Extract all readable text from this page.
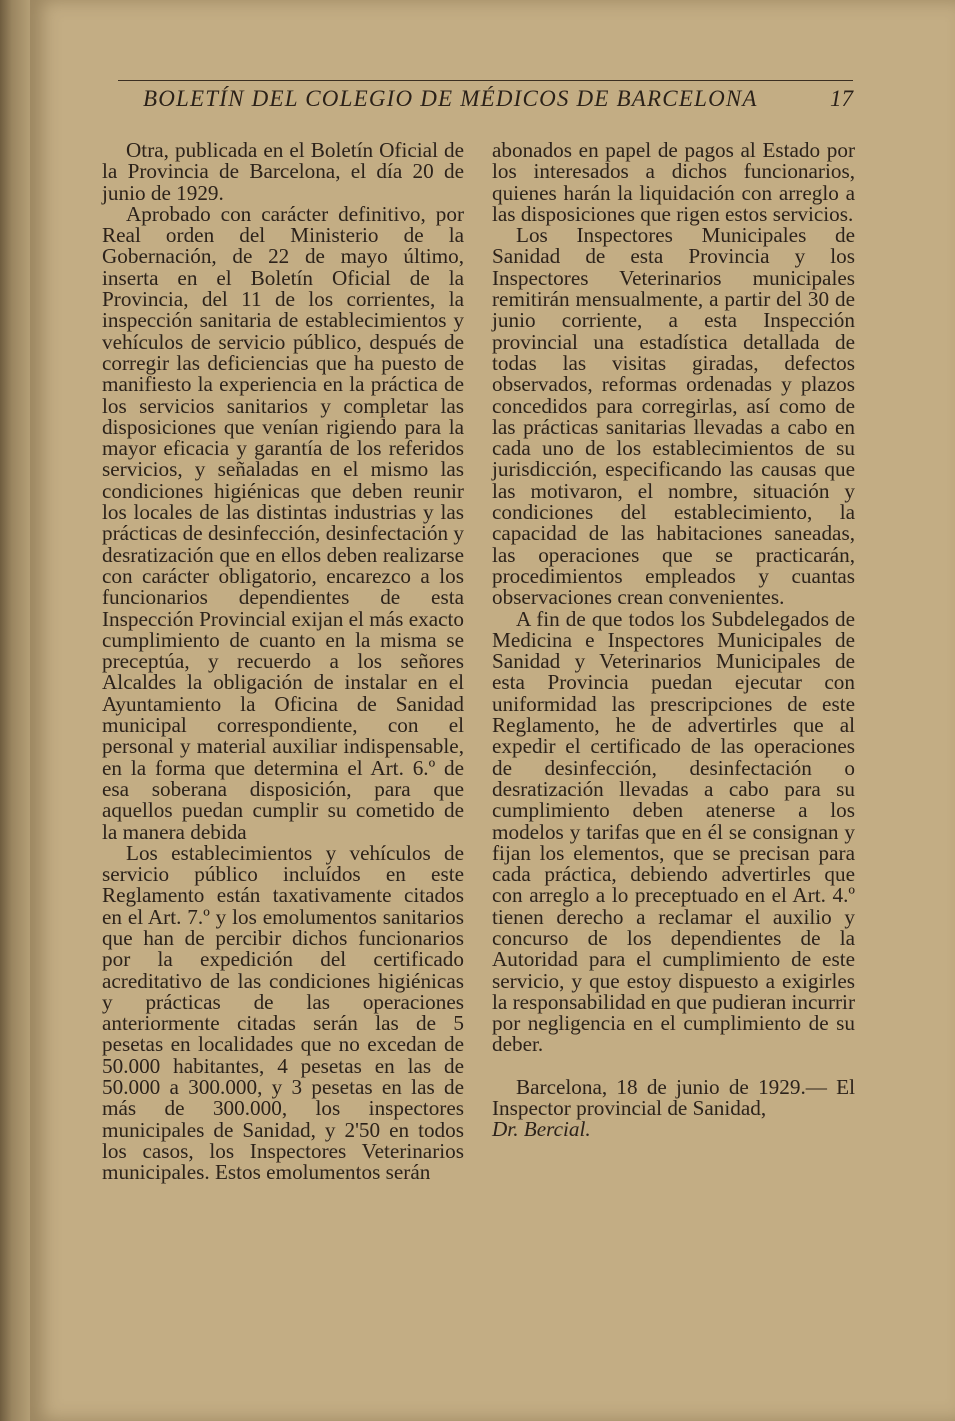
BOLETÍN DEL COLEGIO DE MÉDICOS DE BARCELONA	17

Otra, publicada en el Boletín Oficial de la Provincia de Barcelona, el día 20 de junio de 1929.

Aprobado con carácter definitivo, por Real orden del Ministerio de la Gobernación, de 22 de mayo último, inserta en el Boletín Oficial de la Provincia, del 11 de los corrientes, la inspección sanitaria de establecimientos y vehículos de servicio público, después de corregir las deficiencias que ha puesto de manifiesto la experiencia en la práctica de los servicios sanitarios y completar las disposiciones que venían rigiendo para la mayor eficacia y garantía de los referidos servicios, y señaladas en el mismo las condiciones higiénicas que deben reunir los locales de las distintas industrias y las prácticas de desinfección, desinfectación y desratización que en ellos deben realizarse con carácter obligatorio, encarezco a los funcionarios dependientes de esta Inspección Provincial exijan el más exacto cumplimiento de cuanto en la misma se preceptúa, y recuerdo a los señores Alcaldes la obligación de instalar en el Ayuntamiento la Oficina de Sanidad municipal correspondiente, con el personal y material auxiliar indispensable, en la forma que determina el Art. 6.º de esa soberana disposición, para que aquellos puedan cumplir su cometido de la manera debida

Los establecimientos y vehículos de servicio público incluídos en este Reglamento están taxativamente citados en el Art. 7.º y los emolumentos sanitarios que han de percibir dichos funcionarios por la expedición del certificado acreditativo de las condiciones higiénicas y prácticas de las operaciones anteriormente citadas serán las de 5 pesetas en localidades que no excedan de 50.000 habitantes, 4 pesetas en las de 50.000 a 300.000, y 3 pesetas en las de más de 300.000, los inspectores municipales de Sanidad, y 2'50 en todos los casos, los Inspectores Veterinarios municipales. Estos emolumentos serán

abonados en papel de pagos al Estado por los interesados a dichos funcionarios, quienes harán la liquidación con arreglo a las disposiciones que rigen estos servicios.

Los Inspectores Municipales de Sanidad de esta Provincia y los Inspectores Veterinarios municipales remitirán mensualmente, a partir del 30 de junio corriente, a esta Inspección provincial una estadística detallada de todas las visitas giradas, defectos observados, reformas ordenadas y plazos concedidos para corregirlas, así como de las prácticas sanitarias llevadas a cabo en cada uno de los establecimientos de su jurisdicción, especificando las causas que las motivaron, el nombre, situación y condiciones del establecimiento, la capacidad de las habitaciones saneadas, las operaciones que se practicarán, procedimientos empleados y cuantas observaciones crean convenientes.

A fin de que todos los Subdelegados de Medicina e Inspectores Municipales de Sanidad y Veterinarios Municipales de esta Provincia puedan ejecutar con uniformidad las prescripciones de este Reglamento, he de advertirles que al expedir el certificado de las operaciones de desinfección, desinfectación o desratización llevadas a cabo para su cumplimiento deben atenerse a los modelos y tarifas que en él se consignan y fijan los elementos, que se precisan para cada práctica, debiendo advertirles que con arreglo a lo preceptuado en el Art. 4.º tienen derecho a reclamar el auxilio y concurso de los dependientes de la Autoridad para el cumplimiento de este servicio, y que estoy dispuesto a exigirles la responsabilidad en que pudieran incurrir por negligencia en el cumplimiento de su deber.

Barcelona, 18 de junio de 1929.— El Inspector provincial de Sanidad,

Dr. Bercial.
